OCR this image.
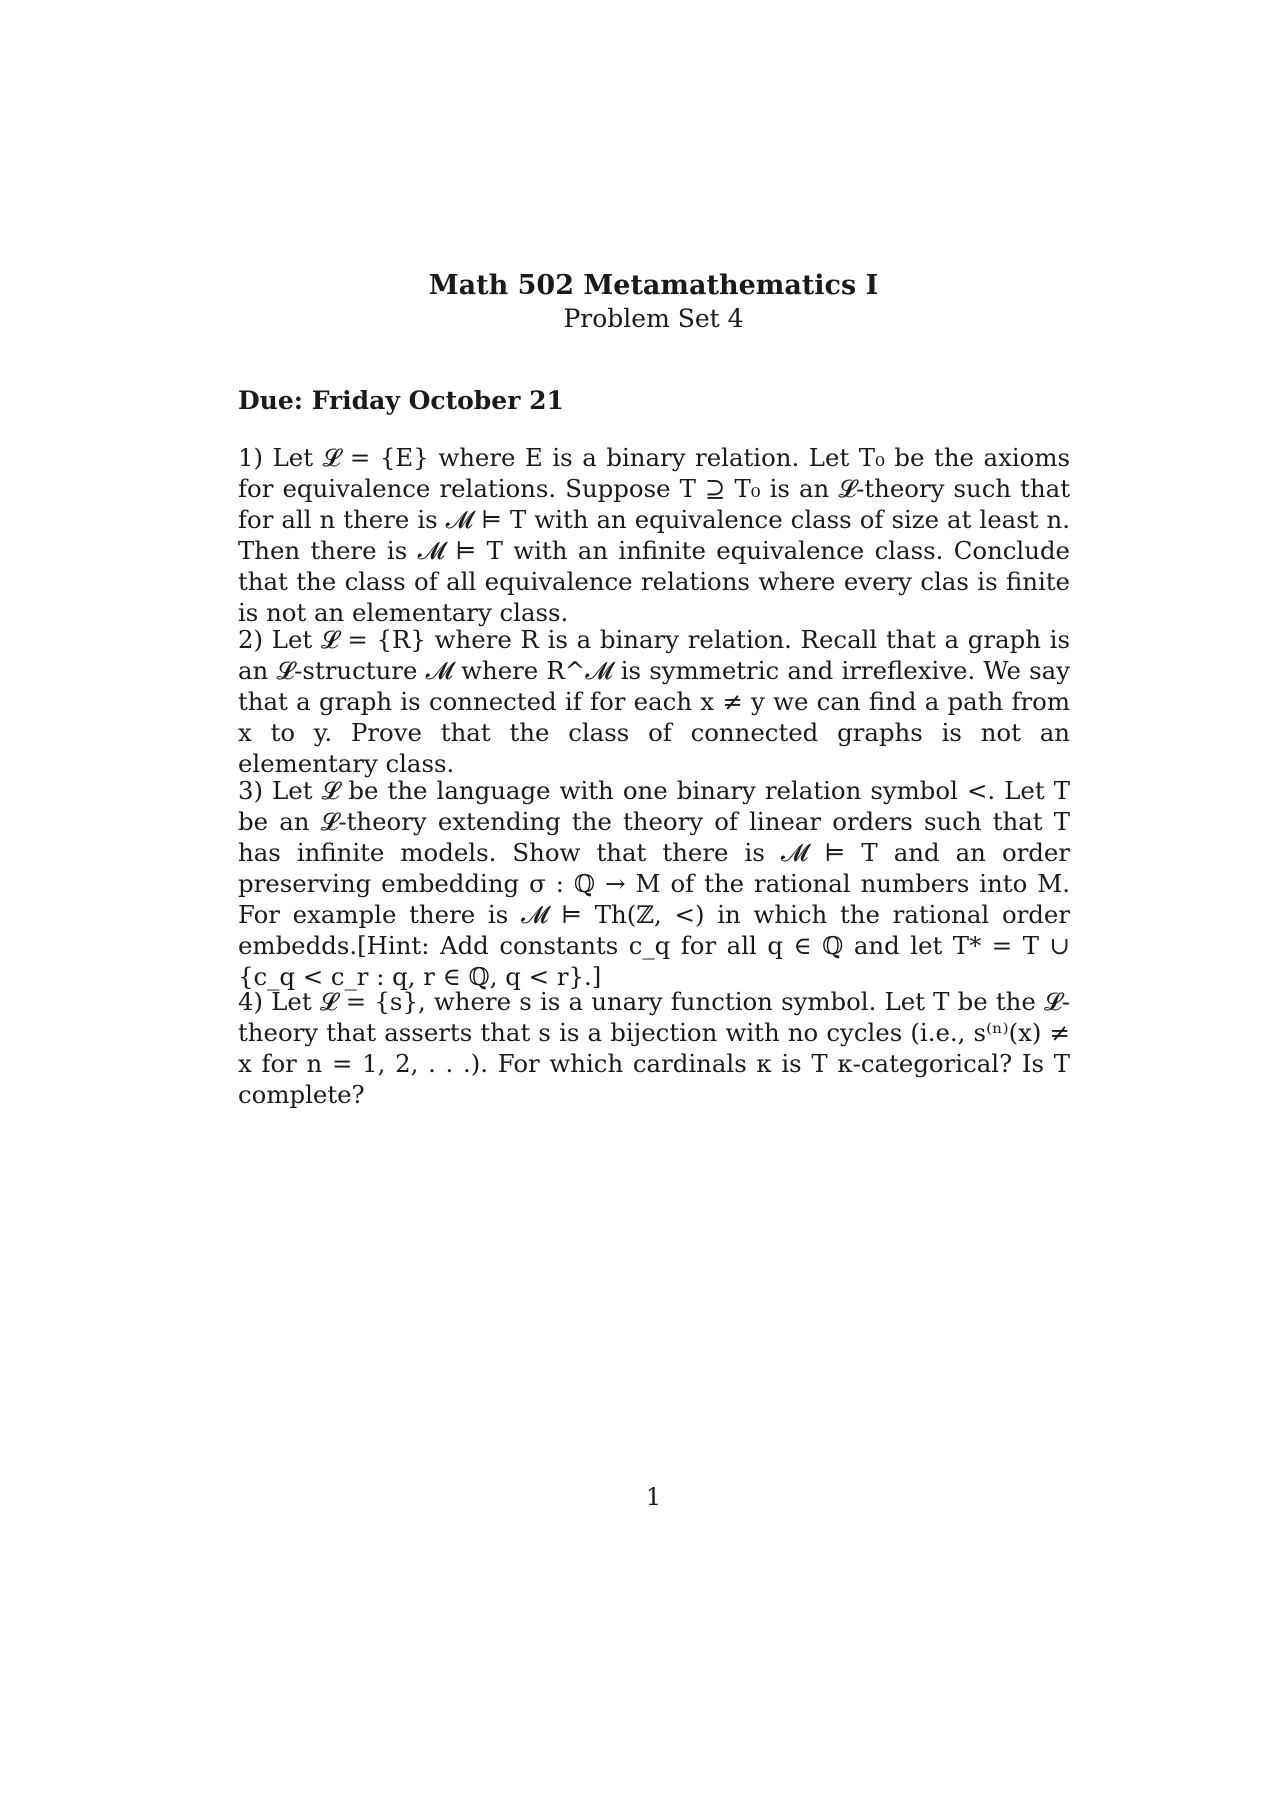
Math 502 Metamathematics I
Problem Set 4
Due: Friday October 21

1) Let 𝓛 = {E} where E is a binary relation. Let T₀ be the axioms for equivalence relations. Suppose T ⊇ T₀ is an 𝓛-theory such that for all n there is 𝓜 ⊨ T with an equivalence class of size at least n. Then there is 𝓜 ⊨ T with an infinite equivalence class. Conclude that the class of all equivalence relations where every clas is finite is not an elementary class.

2) Let 𝓛 = {R} where R is a binary relation. Recall that a graph is an 𝓛-structure 𝓜 where R^𝓜 is symmetric and irreflexive. We say that a graph is connected if for each x ≠ y we can find a path from x to y. Prove that the class of connected graphs is not an elementary class.

3) Let 𝓛 be the language with one binary relation symbol <. Let T be an 𝓛-theory extending the theory of linear orders such that T has infinite models. Show that there is 𝓜 ⊨ T and an order preserving embedding σ : ℚ → M of the rational numbers into M. For example there is 𝓜 ⊨ Th(ℤ, <) in which the rational order embedds.[Hint: Add constants c_q for all q ∈ ℚ and let T* = T ∪ {c_q < c_r : q, r ∈ ℚ, q < r}.]

4) Let 𝓛 = {s}, where s is a unary function symbol. Let T be the 𝓛-theory that asserts that s is a bijection with no cycles (i.e., s⁽ⁿ⁾(x) ≠ x for n = 1, 2, . . .). For which cardinals κ is T κ-categorical? Is T complete?

1
